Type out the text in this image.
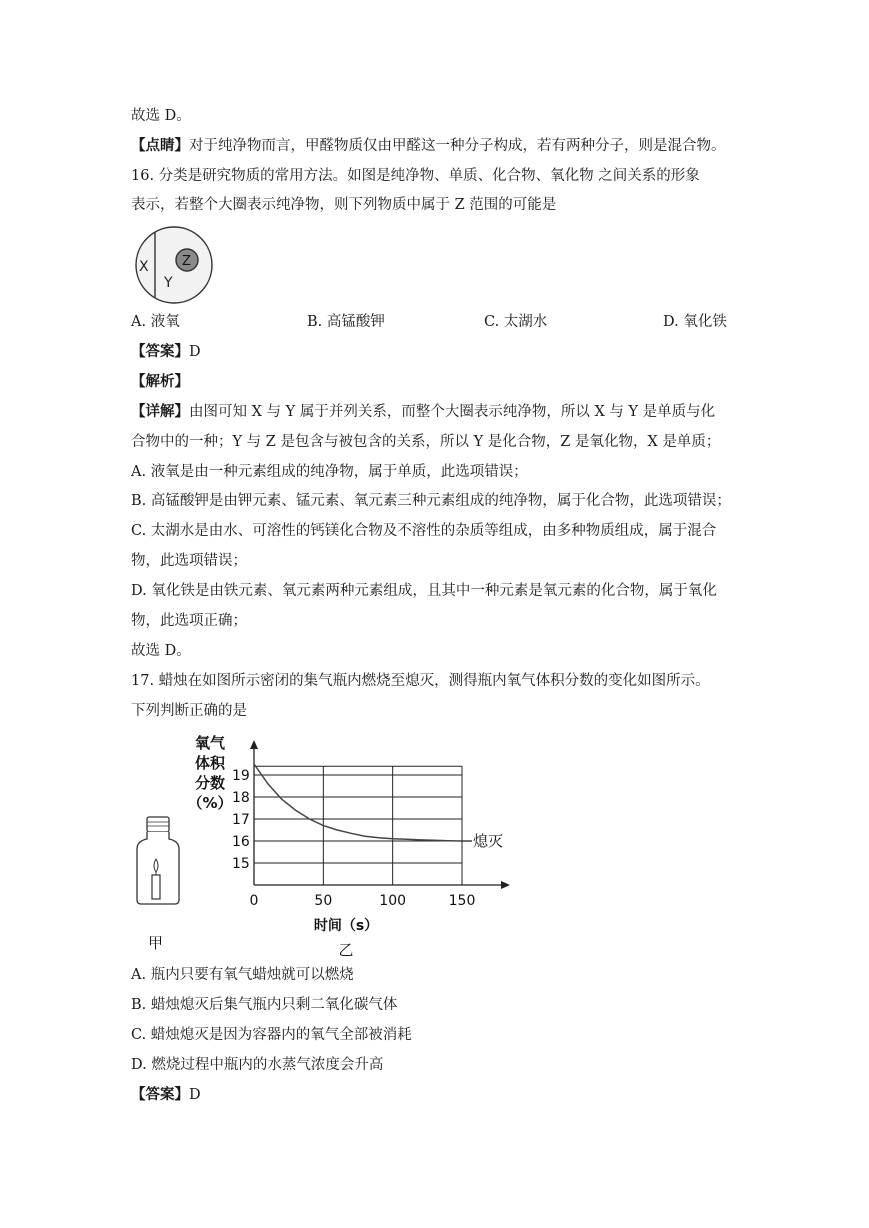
故选 D。
【点睛】对于纯净物而言，甲醛物质仅由甲醛这一种分子构成，若有两种分子，则是混合物。
16. 分类是研究物质的常用方法。如图是纯净物、单质、化合物、氧化物 之间关系的形象
表示，若整个大圈表示纯净物，则下列物质中属于 Z 范围的可能是
X
Y
Z
A. 液氧	B. 高锰酸钾	C. 太湖水	D. 氧化铁
【答案】D
【解析】
【详解】由图可知 X 与 Y 属于并列关系，而整个大圈表示纯净物，所以 X 与 Y 是单质与化
合物中的一种；Y 与 Z 是包含与被包含的关系，所以 Y 是化合物，Z 是氧化物，X 是单质；
A. 液氧是由一种元素组成的纯净物，属于单质，此选项错误；
B. 高锰酸钾是由钾元素、锰元素、氧元素三种元素组成的纯净物，属于化合物，此选项错误；
C. 太湖水是由水、可溶性的钙镁化合物及不溶性的杂质等组成，由多种物质组成，属于混合
物，此选项错误；
D. 氧化铁是由铁元素、氧元素两种元素组成，且其中一种元素是氧元素的化合物，属于氧化
物，此选项正确；
故选 D。
17. 蜡烛在如图所示密闭的集气瓶内燃烧至熄灭，测得瓶内氧气体积分数的变化如图所示。
下列判断正确的是
甲
氧气
体积
分数
（%）
15
16
17
18
19
0	50	100	150
熄灭
时间（s）
乙
A. 瓶内只要有氧气蜡烛就可以燃烧
B. 蜡烛熄灭后集气瓶内只剩二氧化碳气体
C. 蜡烛熄灭是因为容器内的氧气全部被消耗
D. 燃烧过程中瓶内的水蒸气浓度会升高
【答案】D
